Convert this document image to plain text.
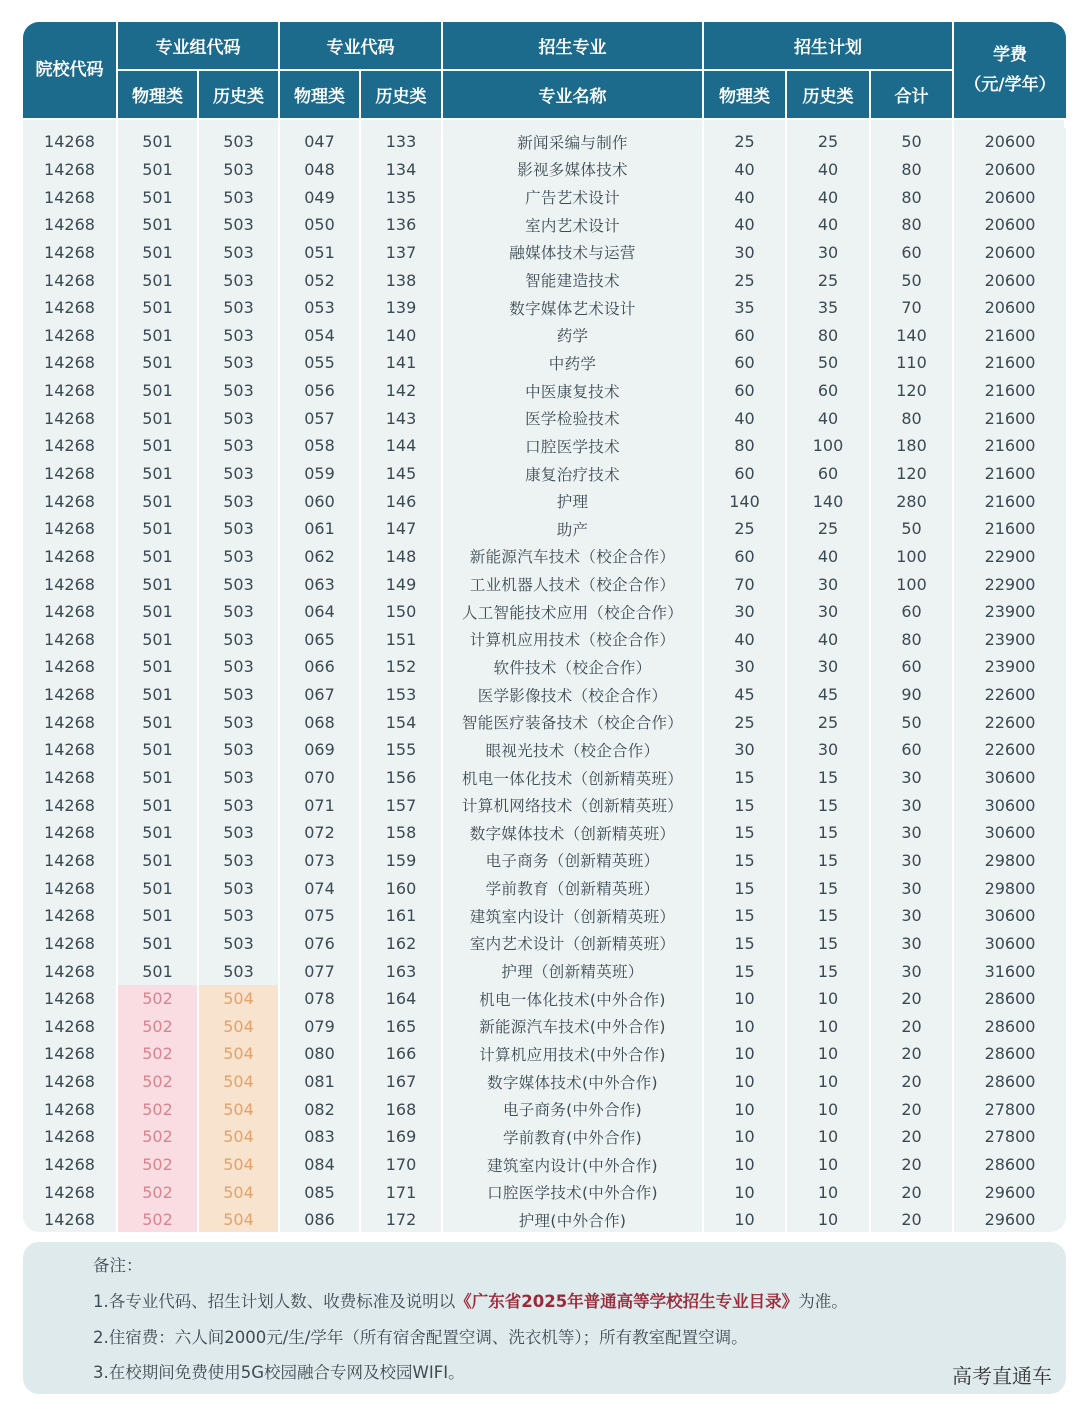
院校代码	专业组代码		专业代码		招生专业	招生计划			学费
（元/学年）

	物理类	历史类	物理类	历史类	专业名称	物理类	历史类	合计	

14268	501	503	047	133	新闻采编与制作	25	25	50	20600
14268	501	503	048	134	影视多媒体技术	40	40	80	20600
14268	501	503	049	135	广告艺术设计	40	40	80	20600
14268	501	503	050	136	室内艺术设计	40	40	80	20600
14268	501	503	051	137	融媒体技术与运营	30	30	60	20600
14268	501	503	052	138	智能建造技术	25	25	50	20600
14268	501	503	053	139	数字媒体艺术设计	35	35	70	20600
14268	501	503	054	140	药学	60	80	140	21600
14268	501	503	055	141	中药学	60	50	110	21600
14268	501	503	056	142	中医康复技术	60	60	120	21600
14268	501	503	057	143	医学检验技术	40	40	80	21600
14268	501	503	058	144	口腔医学技术	80	100	180	21600
14268	501	503	059	145	康复治疗技术	60	60	120	21600
14268	501	503	060	146	护理	140	140	280	21600
14268	501	503	061	147	助产	25	25	50	21600
14268	501	503	062	148	新能源汽车技术（校企合作）	60	40	100	22900
14268	501	503	063	149	工业机器人技术（校企合作）	70	30	100	22900
14268	501	503	064	150	人工智能技术应用（校企合作）	30	30	60	23900
14268	501	503	065	151	计算机应用技术（校企合作）	40	40	80	23900
14268	501	503	066	152	软件技术（校企合作）	30	30	60	23900
14268	501	503	067	153	医学影像技术（校企合作）	45	45	90	22600
14268	501	503	068	154	智能医疗装备技术（校企合作）	25	25	50	22600
14268	501	503	069	155	眼视光技术（校企合作）	30	30	60	22600
14268	501	503	070	156	机电一体化技术（创新精英班）	15	15	30	30600
14268	501	503	071	157	计算机网络技术（创新精英班）	15	15	30	30600
14268	501	503	072	158	数字媒体技术（创新精英班）	15	15	30	30600
14268	501	503	073	159	电子商务（创新精英班）	15	15	30	29800
14268	501	503	074	160	学前教育（创新精英班）	15	15	30	29800
14268	501	503	075	161	建筑室内设计（创新精英班）	15	15	30	30600
14268	501	503	076	162	室内艺术设计（创新精英班）	15	15	30	30600
14268	501	503	077	163	护理（创新精英班）	15	15	30	31600
14268	502	504	078	164	机电一体化技术(中外合作)	10	10	20	28600
14268	502	504	079	165	新能源汽车技术(中外合作)	10	10	20	28600
14268	502	504	080	166	计算机应用技术(中外合作)	10	10	20	28600
14268	502	504	081	167	数字媒体技术(中外合作)	10	10	20	28600
14268	502	504	082	168	电子商务(中外合作)	10	10	20	27800
14268	502	504	083	169	学前教育(中外合作)	10	10	20	27800
14268	502	504	084	170	建筑室内设计(中外合作)	10	10	20	28600
14268	502	504	085	171	口腔医学技术(中外合作)	10	10	20	29600
14268	502	504	086	172	护理(中外合作)	10	10	20	29600
备注：
1.各专业代码、招生计划人数、收费标准及说明以《广东省2025年普通高等学校招生专业目录》为准。
2.住宿费：六人间2000元/生/学年（所有宿舍配置空调、洗衣机等）；所有教室配置空调。
3.在校期间免费使用5G校园融合专网及校园WIFI。	高考直通车
